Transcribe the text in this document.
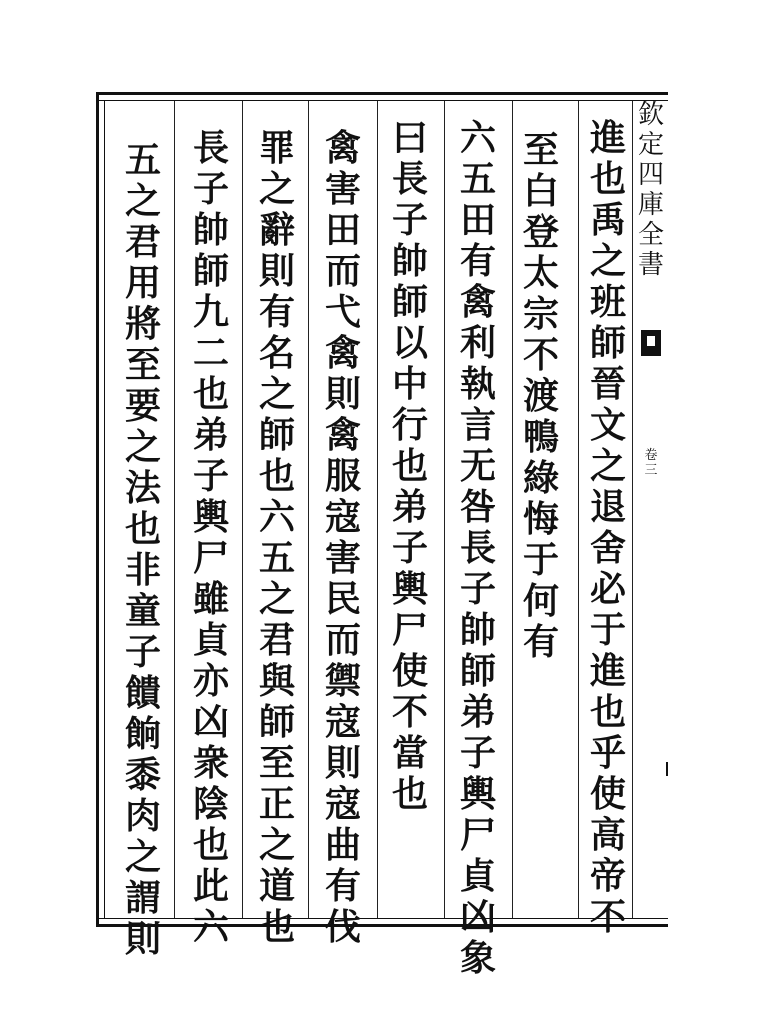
欽
定
四
庫
全
書
卷
三
進
也
禹
之
班
師
晉
文
之
退
舍
必
于
進
也
乎
使
高
帝
不
至
白
登
太
宗
不
渡
鴨
綠
悔
于
何
有
六
五
田
有
禽
利
執
言
无
咎
長
子
帥
師
弟
子
輿
尸
貞
凶
象
曰
長
子
帥
師
以
中
行
也
弟
子
輿
尸
使
不
當
也
禽
害
田
而
弋
禽
則
禽
服
寇
害
民
而
禦
寇
則
寇
曲
有
伐
罪
之
辭
則
有
名
之
師
也
六
五
之
君
與
師
至
正
之
道
也
長
子
帥
師
九
二
也
弟
子
輿
尸
雖
貞
亦
凶
衆
陰
也
此
六
五
之
君
用
將
至
要
之
法
也
非
童
子
饋
餉
黍
肉
之
謂
則
